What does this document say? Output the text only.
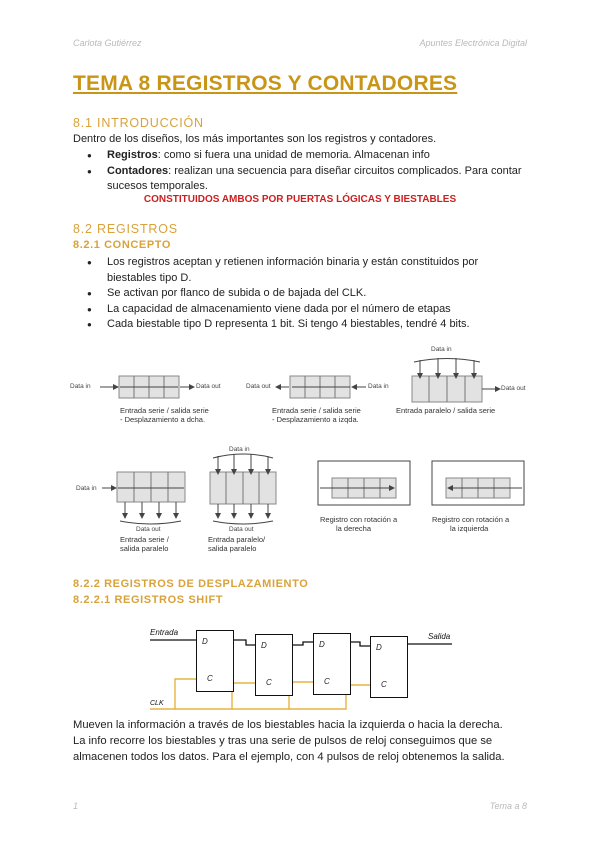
Carlota Gutiérrez	Apuntes Electrónica Digital
TEMA 8 REGISTROS Y CONTADORES
8.1 INTRODUCCIÓN
Dentro de los diseños, los más importantes son los registros y contadores.
● Registros: como si fuera una unidad de memoria. Almacenan info
● Contadores: realizan una secuencia para diseñar circuitos complicados. Para contar sucesos temporales.
CONSTITUIDOS AMBOS POR PUERTAS LÓGICAS Y BIESTABLES
8.2 REGISTROS
8.2.1 CONCEPTO
● Los registros aceptan y retienen información binaria y están constituidos por biestables tipo D.
● Se activan por flanco de subida o de bajada del CLK.
● La capacidad de almacenamiento viene dada por el número de etapas
● Cada biestable tipo D representa 1 bit. Si tengo 4 biestables, tendré 4 bits.
Data in	Data out
Entrada serie / salida serie
- Desplazamiento a dcha.
Data out	Data in
Entrada serie / salida serie
- Desplazamiento a izqda.
Data in
Data out
Entrada paralelo / salida serie
Data in
Data out
Entrada serie /
salida paralelo
Data in
Data out
Entrada paralelo/
salida paralelo
Registro con rotación a
la derecha
Registro con rotación a
la izquierda
8.2.2 REGISTROS DE DESPLAZAMIENTO
8.2.2.1 REGISTROS SHIFT
D
C
D
C
D
C
D
C
Entrada	Salida
CLK
Mueven la información a través de los biestables hacia la izquierda o hacia la derecha.
La info recorre los biestables y tras una serie de pulsos de reloj conseguimos que se
almacenen todos los datos. Para el ejemplo, con 4 pulsos de reloj obtenemos la salida.
1	Tema a 8
